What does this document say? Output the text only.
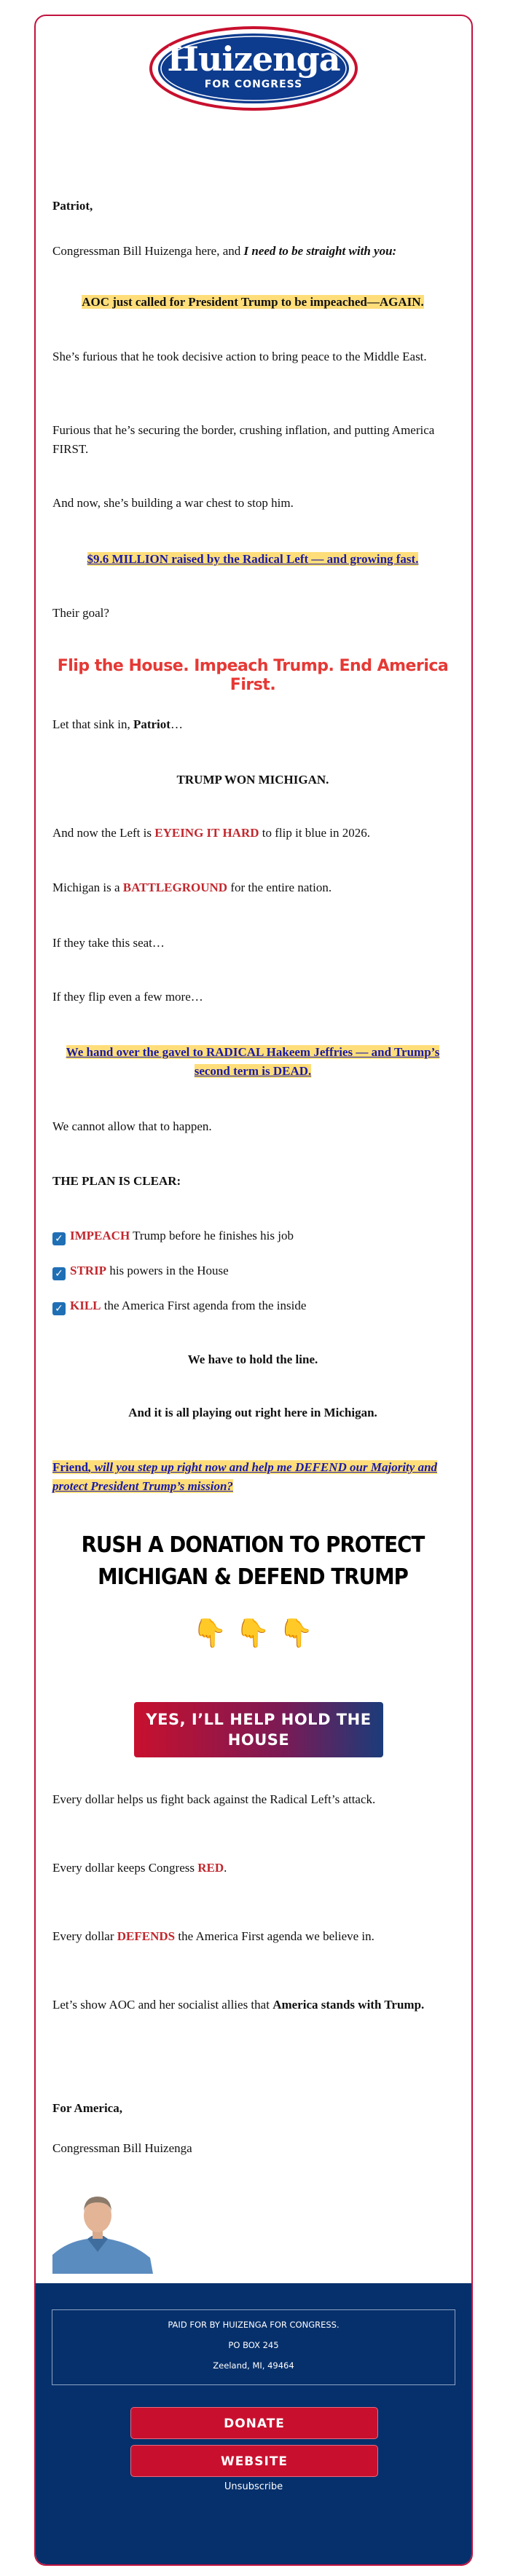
Huizenga
FOR CONGRESS
Patriot,
Congressman Bill Huizenga here, and I need to be straight with you:
AOC just called for President Trump to be impeached—AGAIN.
She’s furious that he took decisive action to bring peace to the Middle East.
Furious that he’s securing the border, crushing inflation, and putting America FIRST.
And now, she’s building a war chest to stop him.
$9.6 MILLION raised by the Radical Left — and growing fast.
Their goal?
Flip the House. Impeach Trump. End America First.
Let that sink in, Patriot…
TRUMP WON MICHIGAN.
And now the Left is EYEING IT HARD to flip it blue in 2026.
Michigan is a BATTLEGROUND for the entire nation.
If they take this seat…
If they flip even a few more…
We hand over the gavel to RADICAL Hakeem Jeffries — and Trump’s second term is DEAD.
We cannot allow that to happen.
THE PLAN IS CLEAR:
✓ IMPEACH Trump before he finishes his job
✓ STRIP his powers in the House
✓ KILL the America First agenda from the inside
We have to hold the line.
And it is all playing out right here in Michigan.
Friend, will you step up right now and help me DEFEND our Majority and protect President Trump’s mission?
RUSH A DONATION TO PROTECT MICHIGAN & DEFEND TRUMP
👇 👇 👇
YES, I’LL HELP HOLD THE HOUSE
Every dollar helps us fight back against the Radical Left’s attack.
Every dollar keeps Congress RED.
Every dollar DEFENDS the America First agenda we believe in.
Let’s show AOC and her socialist allies that America stands with Trump.
For America,
Congressman Bill Huizenga
PAID FOR BY HUIZENGA FOR CONGRESS.
PO BOX 245
Zeeland, MI, 49464
DONATE
WEBSITE
Unsubscribe
